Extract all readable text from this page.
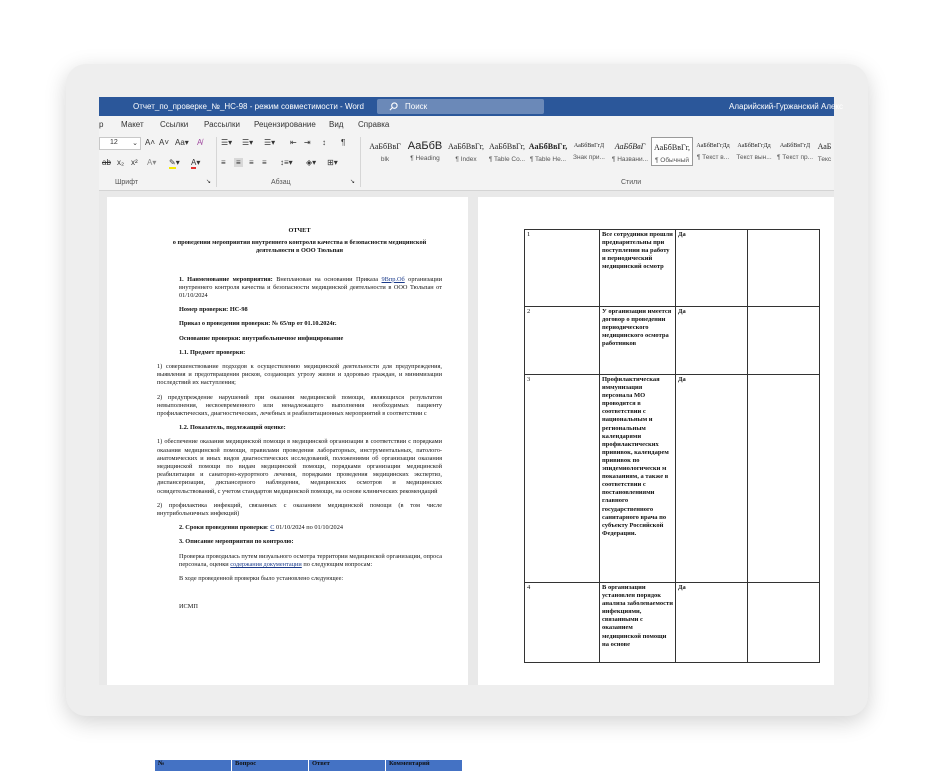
Отчет_по_проверке_№_НС-98 - режим совместимости - Word	Поиск	Аларийский-Гуржанский Алекс
р Макет Ссылки Рассылки Рецензирование Вид Справка
12 ⌄ A˄ A˅ Aa▾ A̸
ab x₂ x² A▾ ✎▾ A▾
Шрифт	↘
☰▾ ☰▾ ☰▾ ⇤ ⇥ ↕ ¶
≡ ≡ ≡ ≡ ↕≡▾ ◈▾ ⊞▾
Абзац	↘
АаБбВвГ
blk
АаБбВ
¶ Heading
АаБбВвГг,
¶ Index
АаБбВвГг,
¶ Table Co...
АаБбВвГг,
¶ Table He...
АаБбВвГгД
Знак при...
АаБбВвГ
¶ Названи...
АаБбВвГг,
¶ Обычный
АаБбВвГгДд
¶ Текст в...
АаБбВвГгДд
Текст вын...
АаБбВвГгД
¶ Текст пр...
АаБ
Текс
Стили

ОТЧЕТ

о проведении мероприятия внутреннего контроля качества и безопасности медицинской деятельности в ООО Тюльпан

1. Наименование мероприятия: Внеплановая на основании Приказа 9Впр.Об организации внутреннего контроля качества и безопасности медицинской деятельности в ООО Тюльпан от 01/10/2024

Номер проверки: НС-98

Приказ о проведении проверки: № 65/пр от 01.10.2024г.

Основание проверки: внутрибольничное инфицирование

1.1. Предмет проверки:

1) совершенствование подходов к осуществлению медицинской деятельности для предупреждения, выявления и предотвращения рисков, создающих угрозу жизни и здоровью граждан, и минимизации последствий их наступления;

2) предупреждение нарушений при оказании медицинской помощи, являющихся результатом невыполнения, несвоевременного или ненадлежащего выполнения необходимых пациенту профилактических, диагностических, лечебных и реабилитационных мероприятий в соответствии с

1.2. Показатель, подлежащий оценке:

1) обеспечение оказания медицинской помощи в медицинской организации в соответствии с порядками оказания медицинской помощи, правилами проведения лабораторных, инструментальных, патолого-анатомических и иных видов диагностических исследований, положениями об организации оказания медицинской помощи по видам медицинской помощи, порядками организации медицинской реабилитации и санаторно-курортного лечения, порядками проведения медицинских экспертиз, диспансеризации, диспансерного наблюдения, медицинских осмотров и медицинских освидетельствований, с учетом стандартов медицинской помощи, на основе клинических рекомендаций

2) профилактика инфекций, связанных с оказанием медицинской помощи (в том числе внутрибольничных инфекций)

2. Сроки проведения проверки: С 01/10/2024 по 01/10/2024

3. Описание мероприятия по контролю:

Проверка проводилась путем визуального осмотра территории медицинской организации, опроса персонала, оценки содержания документации по следующим вопросам:

В ходе проведенной проверки было установлено следующее:

ИСМП

№	Вопрос	Ответ	Комментарий
1	Все сотрудники прошли предварительны при поступлении на работу и периодический медицинский осмотр	Да	
2	У организации имеется договор о проведении периодического медицинского осмотра работников	Да	
3	Профилактическая иммунизация персонала МО проводится в соответствии с национальным и региональным календарями профилактических прививок, календарем прививок по эпидемиологически м показаниям, а также в соответствии с постановлениями главного государственного санитарного врача по субъекту Российской Федерации.	Да	
4	В организации установлен порядок анализа заболеваемости инфекциями, связанными с оказанием медицинской помощи на основе	Да	
